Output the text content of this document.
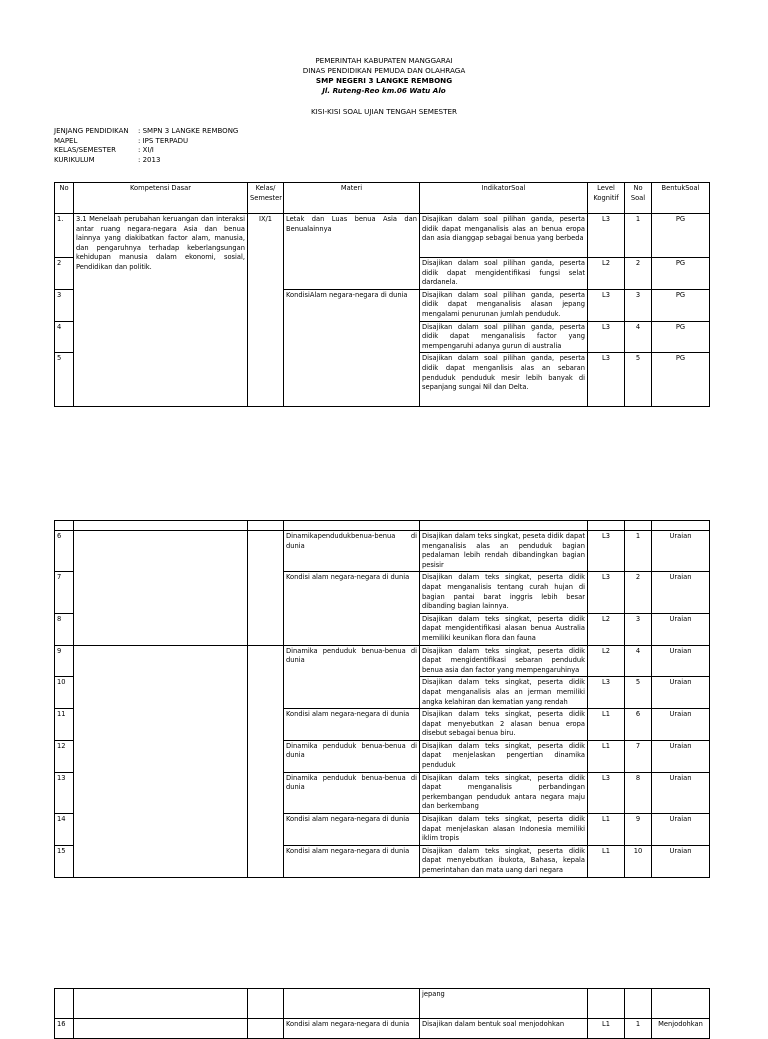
PEMERINTAH KABUPATEN MANGGARAI
DINAS PENDIDIKAN PEMUDA DAN OLAHRAGA
SMP NEGERI 3 LANGKE REMBONG
Jl. Ruteng-Reo km.06 Watu Alo
KISI-KISI SOAL UJIAN TENGAH SEMESTER
JENJANG PENDIDIKAN	: SMPN 3 LANGKE REMBONG
MAPEL	: IPS TERPADU
KELAS/SEMESTER	: XI/I
KURIKULUM	: 2013
No	Kompetensi Dasar	Kelas/ Semester	Materi	IndikatorSoal	Level Kognitif	No Soal	BentukSoal
1.	3.1 Menelaah perubahan keruangan dan interaksi antar ruang negara-negara Asia dan benua lainnya yang diakibatkan factor alam, manusia, dan pengaruhnya terhadap keberlangsungan kehidupan manusia dalam ekonomi, sosial, Pendidikan dan politik.	IX/1	Letak dan Luas benua Asia dan Benualainnya	Disajikan dalam soal pilihan ganda, peserta didik dapat menganalisis alas an benua eropa dan asia dianggap sebagai benua yang berbeda	L3	1	PG
2				Disajikan dalam soal pilihan ganda, peserta didik dapat mengidentifikasi fungsi selat dardanela.	L2	2	PG
3			KondisiAlam negara-negara di dunia	Disajikan dalam soal pilihan ganda, peserta didik dapat menganalisis alasan jepang mengalami penurunan jumlah penduduk.	L3	3	PG
4				Disajikan dalam soal pilihan ganda, peserta didik dapat menganalisis factor yang mempengaruhi adanya gurun di australia	L3	4	PG
5				Disajikan dalam soal pilihan ganda, peserta didik dapat menganlisis alas an sebaran penduduk penduduk mesir lebih banyak di sepanjang sungai Nil dan Delta.	L3	5	PG

6			Dinamikapendudukbenua-benua di dunia	Disajikan dalam teks singkat, peseta didik dapat menganalisis alas an penduduk bagian pedalaman lebih rendah dibandingkan bagian pesisir	L3	1	Uraian
7			Kondisi alam negara-negara di dunia	Disajikan dalam teks singkat, peserta didik dapat menganalisis tentang curah hujan di bagian pantai barat inggris lebih besar dibanding bagian lainnya.	L3	2	Uraian
8				Disajikan dalam teks singkat, peserta didik dapat mengidentifikasi alasan benua Australia memiliki keunikan flora dan fauna	L2	3	Uraian
9			Dinamika penduduk benua-benua di dunia	Disajikan dalam teks singkat, peserta didik dapat mengidentifikasi sebaran penduduk benua asia dan factor yang mempengaruhinya	L2	4	Uraian
10				Disajikan dalam teks singkat, peserta didik dapat menganalisis alas an jerman memiliki angka kelahiran dan kematian yang rendah	L3	5	Uraian
11			Kondisi alam negara-negara di dunia	Disajikan dalam teks singkat, peserta didik dapat menyebutkan 2 alasan benua eropa disebut sebagai benua biru.	L1	6	Uraian
12			Dinamika penduduk benua-benua di dunia	Disajikan dalam teks singkat, peserta didik dapat menjelaskan pengertian dinamika penduduk	L1	7	Uraian
13			Dinamika penduduk benua-benua di dunia	Disajikan dalam teks singkat, peserta didik dapat menganalisis perbandingan perkembangan penduduk antara negara maju dan berkembang	L3	8	Uraian
14			Kondisi alam negara-negara di dunia	Disajikan dalam teks singkat, peserta didik dapat menjelaskan alasan Indonesia memiliki iklim tropis	L1	9	Uraian
15			Kondisi alam negara-negara di dunia	Disajikan dalam teks singkat, peserta didik dapat menyebutkan ibukota, Bahasa, kepala pemerintahan dan mata uang dari negara	L1	10	Uraian
				jepang			
16			Kondisi alam negara-negara di dunia	Disajikan dalam bentuk soal menjodohkan	L1	1	Menjodohkan
